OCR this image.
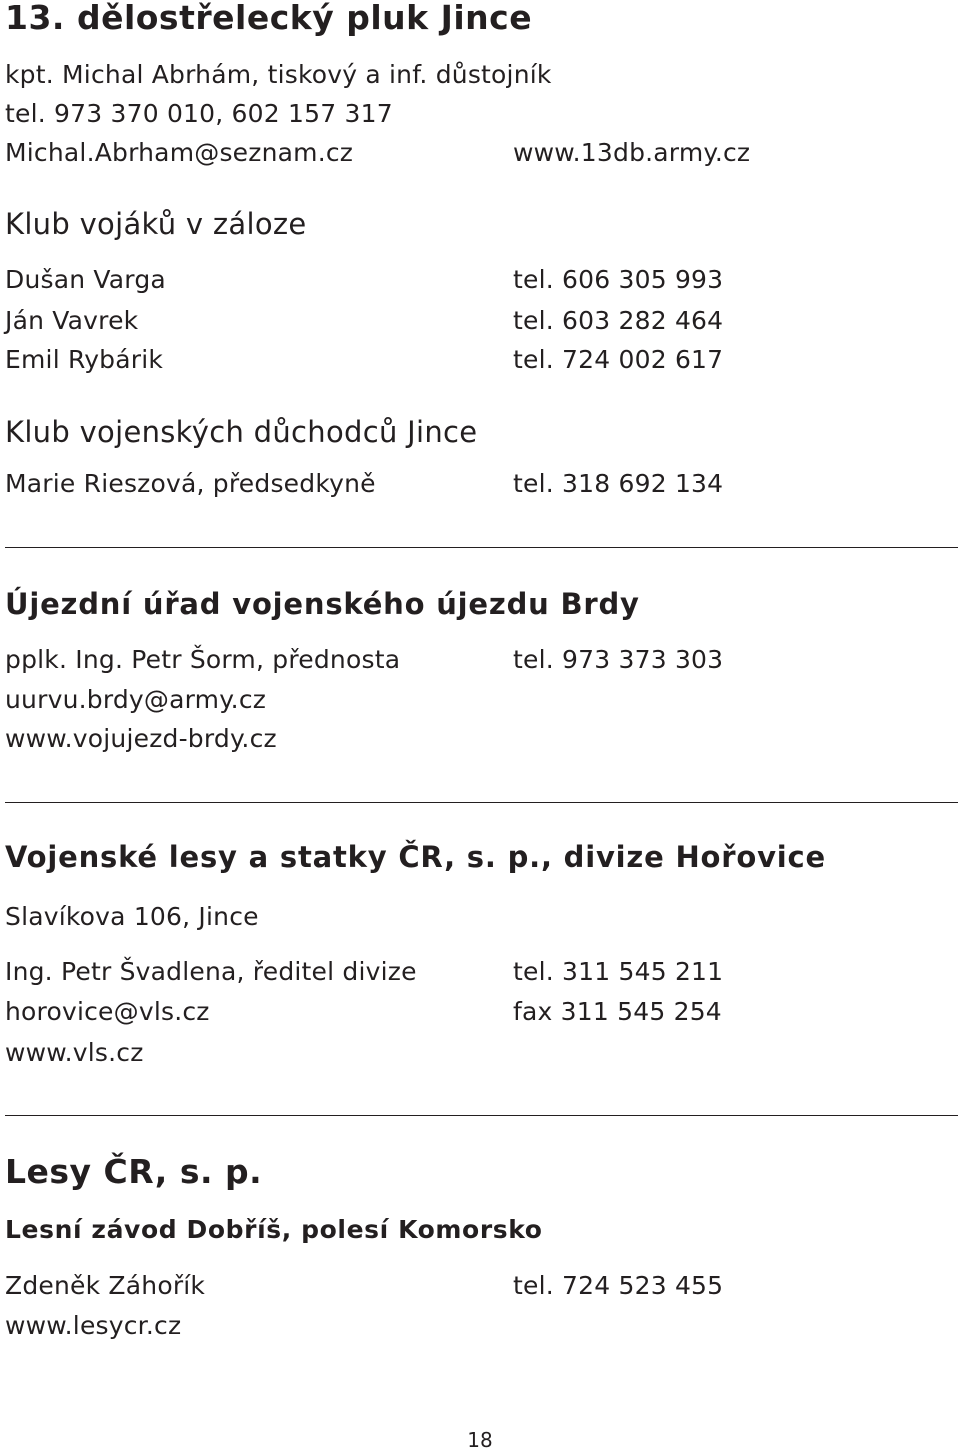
13. dělostřelecký pluk Jince
kpt. Michal Abrhám, tiskový a inf. důstojník
tel. 973 370 010, 602 157 317
Michal.Abrham@seznam.cz	www.13db.army.cz
Klub vojáků v záloze
Dušan Varga	tel. 606 305 993
Ján Vavrek	tel. 603 282 464
Emil Rybárik	tel. 724 002 617
Klub vojenských důchodců Jince
Marie Rieszová, předsedkyně	tel. 318 692 134
Újezdní úřad vojenského újezdu Brdy
pplk. Ing. Petr Šorm, přednosta	tel. 973 373 303
uurvu.brdy@army.cz
www.vojujezd-brdy.cz
Vojenské lesy a statky ČR, s. p., divize Hořovice
Slavíkova 106, Jince
Ing. Petr Švadlena, ředitel divize	tel. 311 545 211
horovice@vls.cz	fax 311 545 254
www.vls.cz
Lesy ČR, s. p.
Lesní závod Dobříš, polesí Komorsko
Zdeněk Záhořík	tel. 724 523 455
www.lesycr.cz
18
